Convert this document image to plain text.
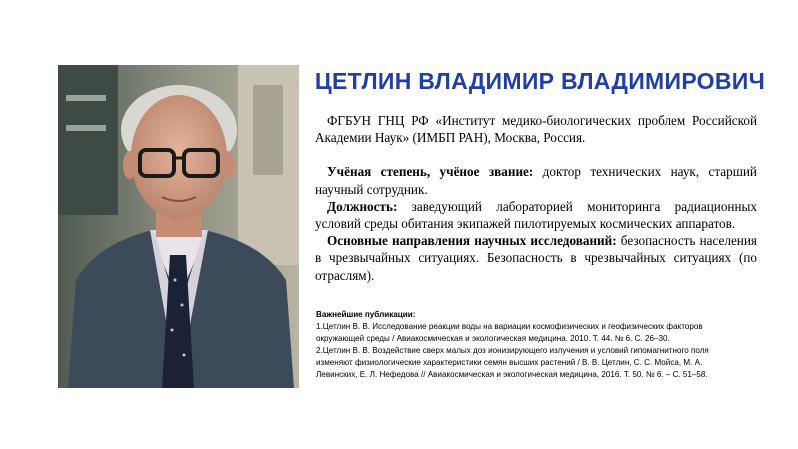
ЦЕТЛИН ВЛАДИМИР ВЛАДИМИРОВИЧ

ФГБУН ГНЦ РФ «Институт медико-биологических проблем Российской Академии Наук» (ИМБП РАН), Москва, Россия.

Учёная степень, учёное звание: доктор технических наук, старший научный сотрудник.

Должность: заведующий лабораторией мониторинга радиационных условий среды обитания экипажей пилотируемых космических аппаратов.

Основные направления научных исследований: безопасность населения в чрезвычайных ситуациях. Безопасность в чрезвычайных ситуациях (по отраслям).

Важнейшие публикации:
1.Цетлин В. В. Исследование реакции воды на вариации космофизических и геофизических факторов
окружающей среды / Авиакосмическая и экологическая медицина. 2010. Т. 44. № 6. С. 26–30.
2.Цетлин В. В. Воздействие сверх малых доз ионизирующего излучения и условий гипомагнитного поля
изменяют физиологические характеристики семян высших растений / В. В. Цетлин, С. С. Мойса, М. А.
Левинских, Е. Л. Нефедова // Авиакосмическая и экологическая медицина, 2016. Т. 50. № 6. – С. 51–58.
